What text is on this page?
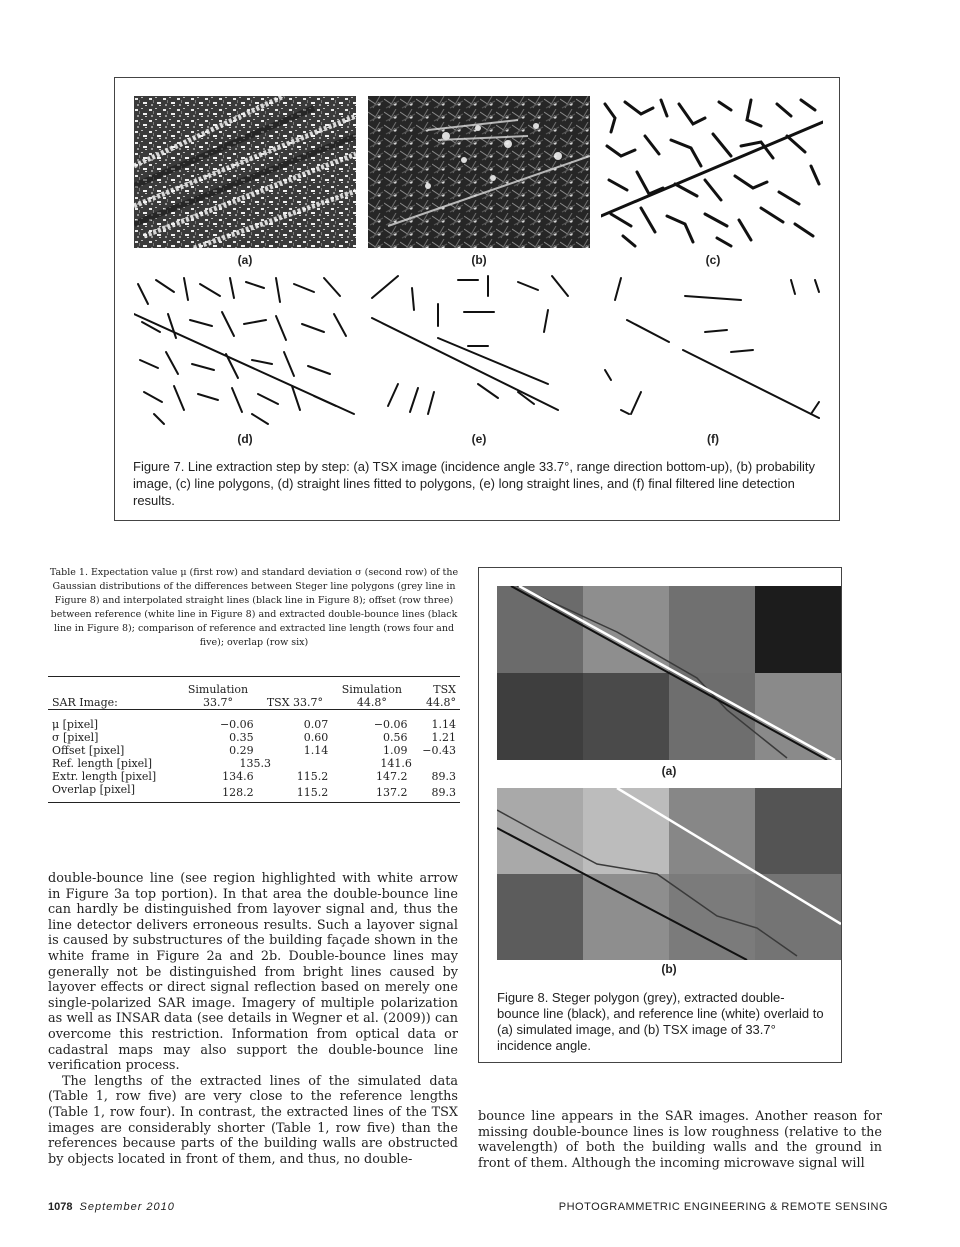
(a)	(b)	(c)
(d)	(e)	(f)

Figure 7. Line extraction step by step: (a) TSX image (incidence angle 33.7°, range direction bottom-up), (b) probability image, (c) line polygons, (d) straight lines fitted to polygons, (e) long straight lines, and (f) final filtered line detection results.

Table 1. Expectation value μ (first row) and standard deviation σ (second row) of the Gaussian distributions of the differences between Steger line polygons (grey line in Figure 8) and interpolated straight lines (black line in Figure 8); offset (row three) between reference (white line in Figure 8) and extracted double-bounce lines (black line in Figure 8); comparison of reference and extracted line length (rows four and five); overlap (row six)

	Simulation		Simulation	TSX
SAR Image:	33.7°	TSX 33.7°	44.8°	44.8°

μ [pixel]	−0.06	0.07	−0.06	1.14
σ [pixel]	0.35	0.60	0.56	1.21
Offset [pixel]	0.29	1.14	1.09	−0.43
Ref. length [pixel]	135.3		141.6	
Extr. length [pixel]	134.6	115.2	147.2	89.3
Overlap [pixel]	128.2	115.2	137.2	89.3
(a)
(b)

Figure 8. Steger polygon (grey), extracted double-bounce line (black), and reference line (white) overlaid to (a) simulated image, and (b) TSX image of 33.7° incidence angle.

double-bounce line (see region highlighted with white arrow in Figure 3a top portion). In that area the double-bounce line can hardly be distinguished from layover signal and, thus the line detector delivers erroneous results. Such a layover signal is caused by substructures of the building façade shown in the white frame in Figure 2a and 2b. Double-bounce lines may generally not be distinguished from bright lines caused by layover effects or direct signal reflection based on merely one single-polarized SAR image. Imagery of multiple polarization as well as INSAR data (see details in Wegner et al. (2009)) can overcome this restriction. Information from optical data or cadastral maps may also support the double-bounce line verification process.

The lengths of the extracted lines of the simulated data (Table 1, row five) are very close to the reference lengths (Table 1, row four). In contrast, the extracted lines of the TSX images are considerably shorter (Table 1, row five) than the references because parts of the building walls are obstructed by objects located in front of them, and thus, no double-

bounce line appears in the SAR images. Another reason for missing double-bounce lines is low roughness (relative to the wavelength) of both the building walls and the ground in front of them. Although the incoming microwave signal will

1078 September 2010	PHOTOGRAMMETRIC ENGINEERING & REMOTE SENSING
